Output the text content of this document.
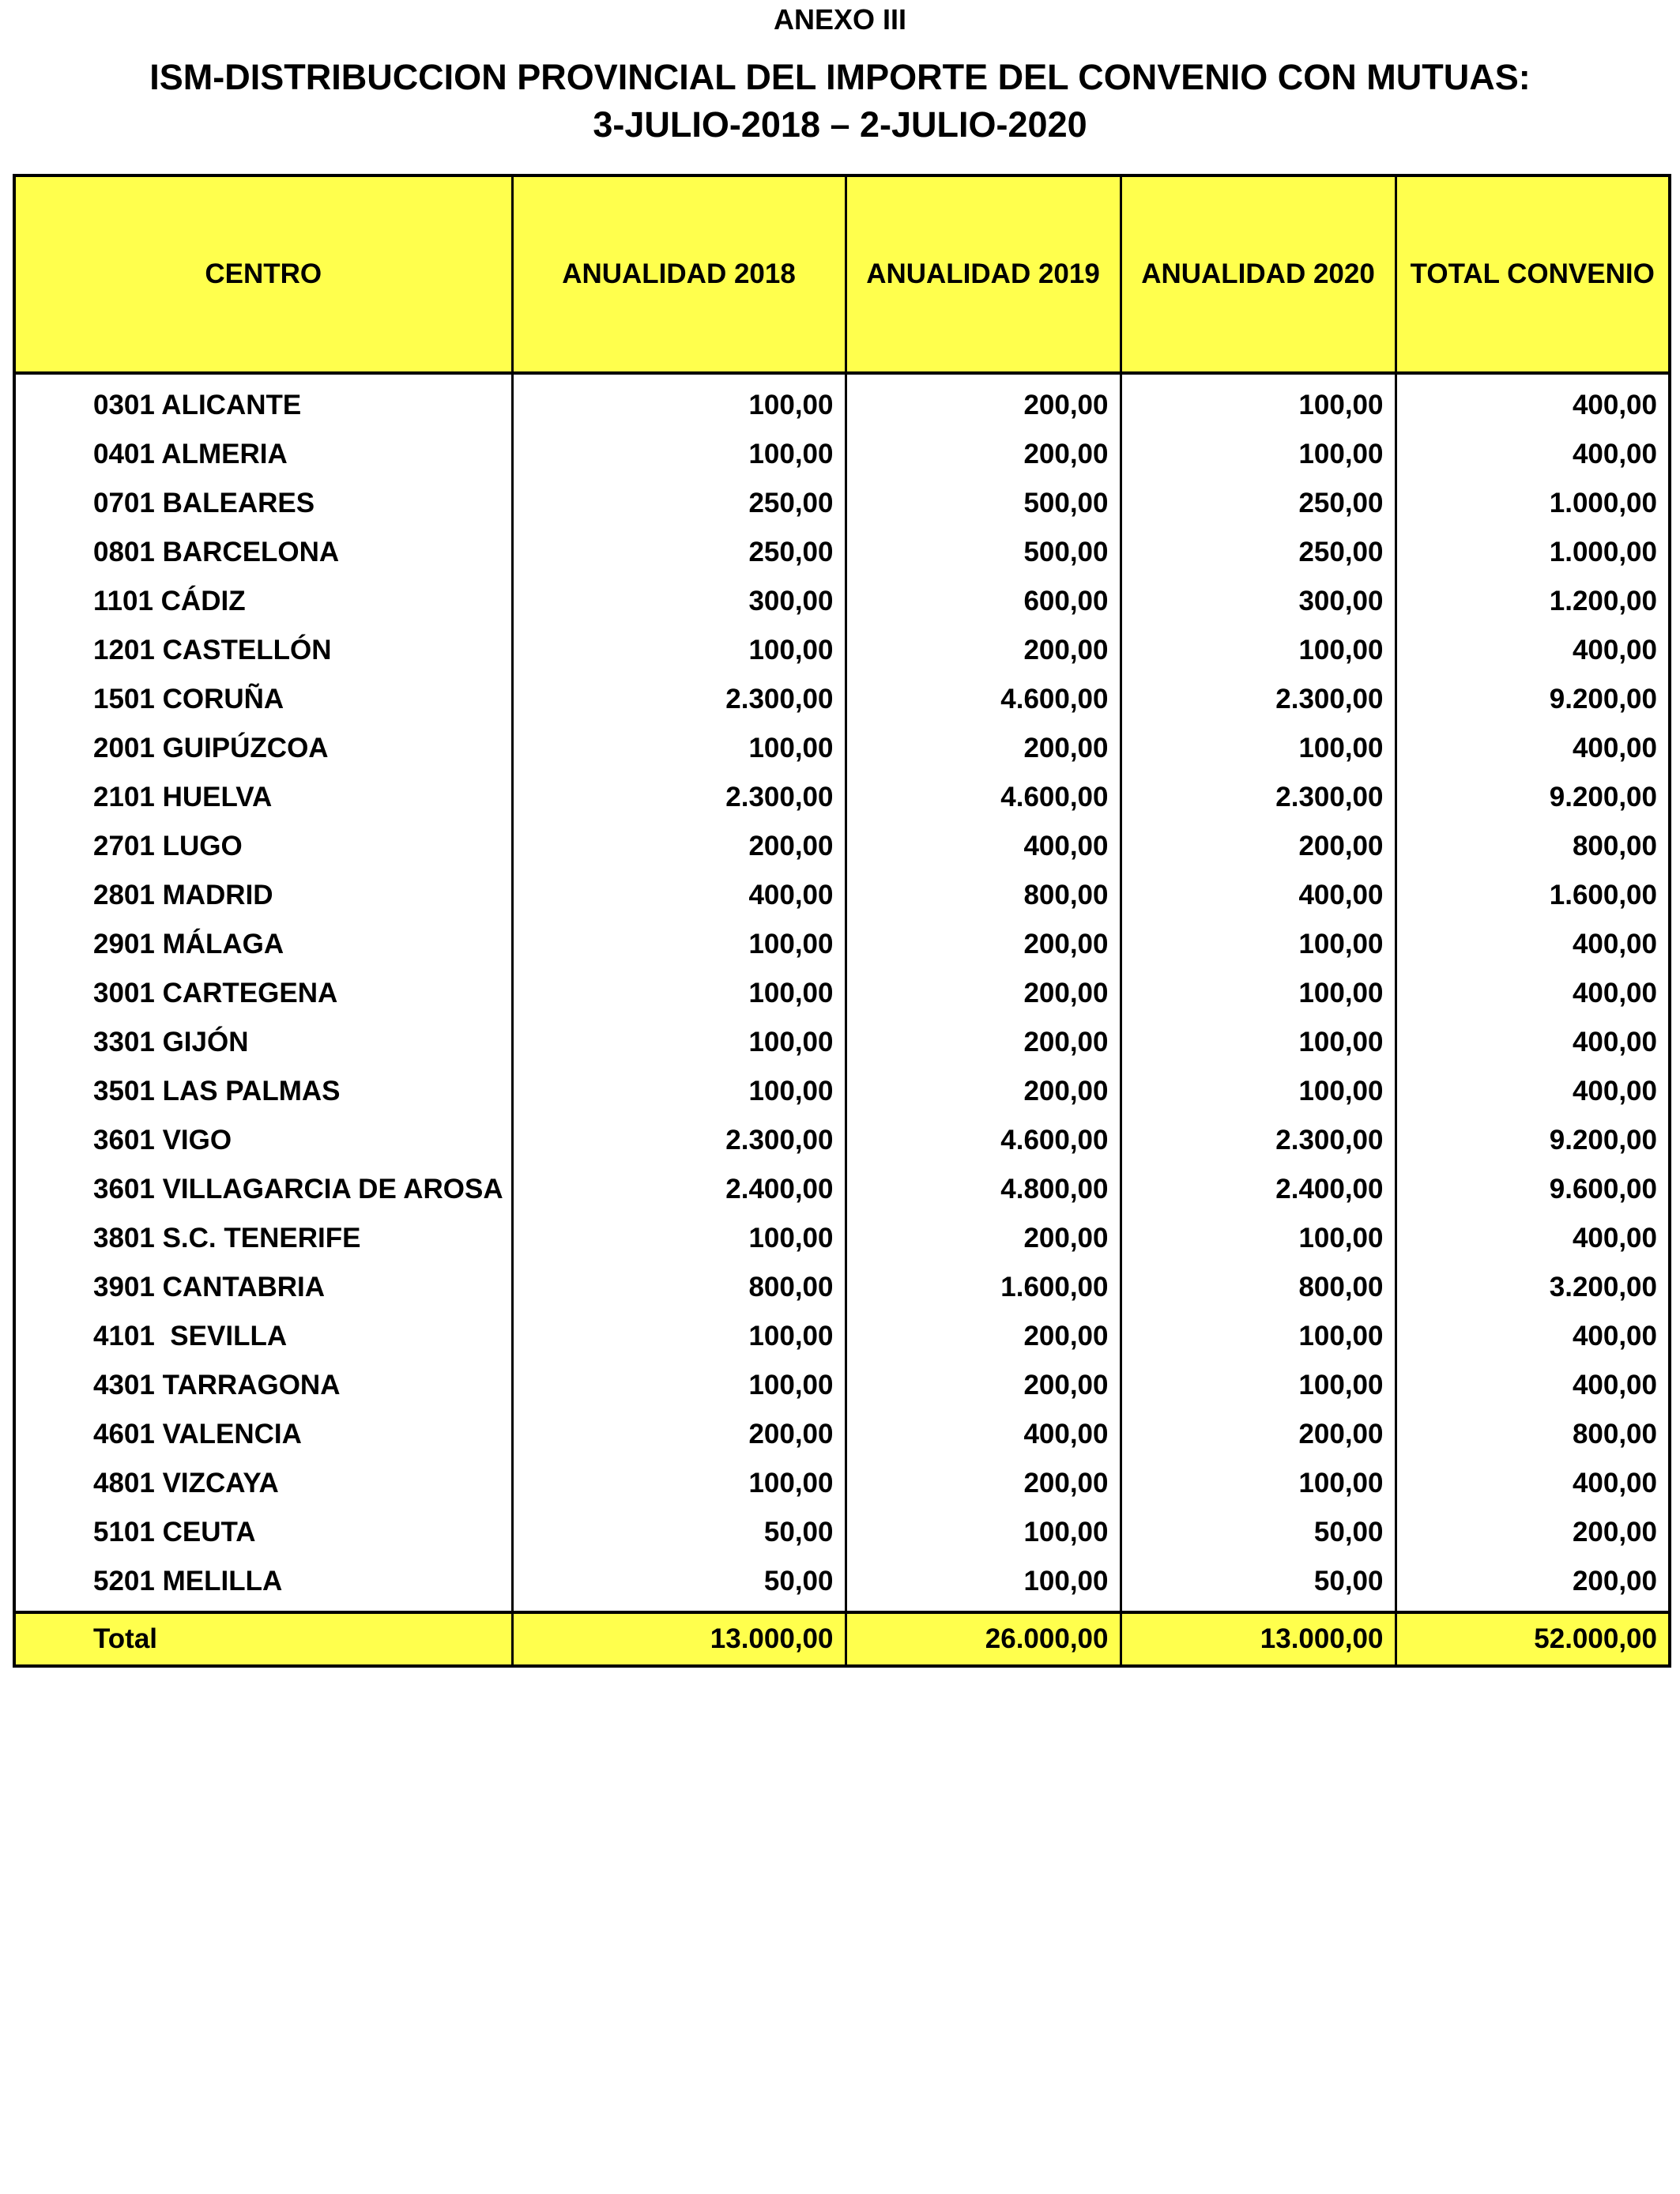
ANEXO III
ISM-DISTRIBUCCION PROVINCIAL DEL IMPORTE DEL CONVENIO CON MUTUAS:
3-JULIO-2018 – 2-JULIO-2020
CENTRO	ANUALIDAD 2018	ANUALIDAD 2019	ANUALIDAD 2020	TOTAL CONVENIO
0301 ALICANTE	100,00	200,00	100,00	400,00
0401 ALMERIA	100,00	200,00	100,00	400,00
0701 BALEARES	250,00	500,00	250,00	1.000,00
0801 BARCELONA	250,00	500,00	250,00	1.000,00
1101 CÁDIZ	300,00	600,00	300,00	1.200,00
1201 CASTELLÓN	100,00	200,00	100,00	400,00
1501 CORUÑA	2.300,00	4.600,00	2.300,00	9.200,00
2001 GUIPÚZCOA	100,00	200,00	100,00	400,00
2101 HUELVA	2.300,00	4.600,00	2.300,00	9.200,00
2701 LUGO	200,00	400,00	200,00	800,00
2801 MADRID	400,00	800,00	400,00	1.600,00
2901 MÁLAGA	100,00	200,00	100,00	400,00
3001 CARTEGENA	100,00	200,00	100,00	400,00
3301 GIJÓN	100,00	200,00	100,00	400,00
3501 LAS PALMAS	100,00	200,00	100,00	400,00
3601 VIGO	2.300,00	4.600,00	2.300,00	9.200,00
3601 VILLAGARCIA DE AROSA	2.400,00	4.800,00	2.400,00	9.600,00
3801 S.C. TENERIFE	100,00	200,00	100,00	400,00
3901 CANTABRIA	800,00	1.600,00	800,00	3.200,00
4101  SEVILLA	100,00	200,00	100,00	400,00
4301 TARRAGONA	100,00	200,00	100,00	400,00
4601 VALENCIA	200,00	400,00	200,00	800,00
4801 VIZCAYA	100,00	200,00	100,00	400,00
5101 CEUTA	50,00	100,00	50,00	200,00
5201 MELILLA	50,00	100,00	50,00	200,00
Total	13.000,00	26.000,00	13.000,00	52.000,00
